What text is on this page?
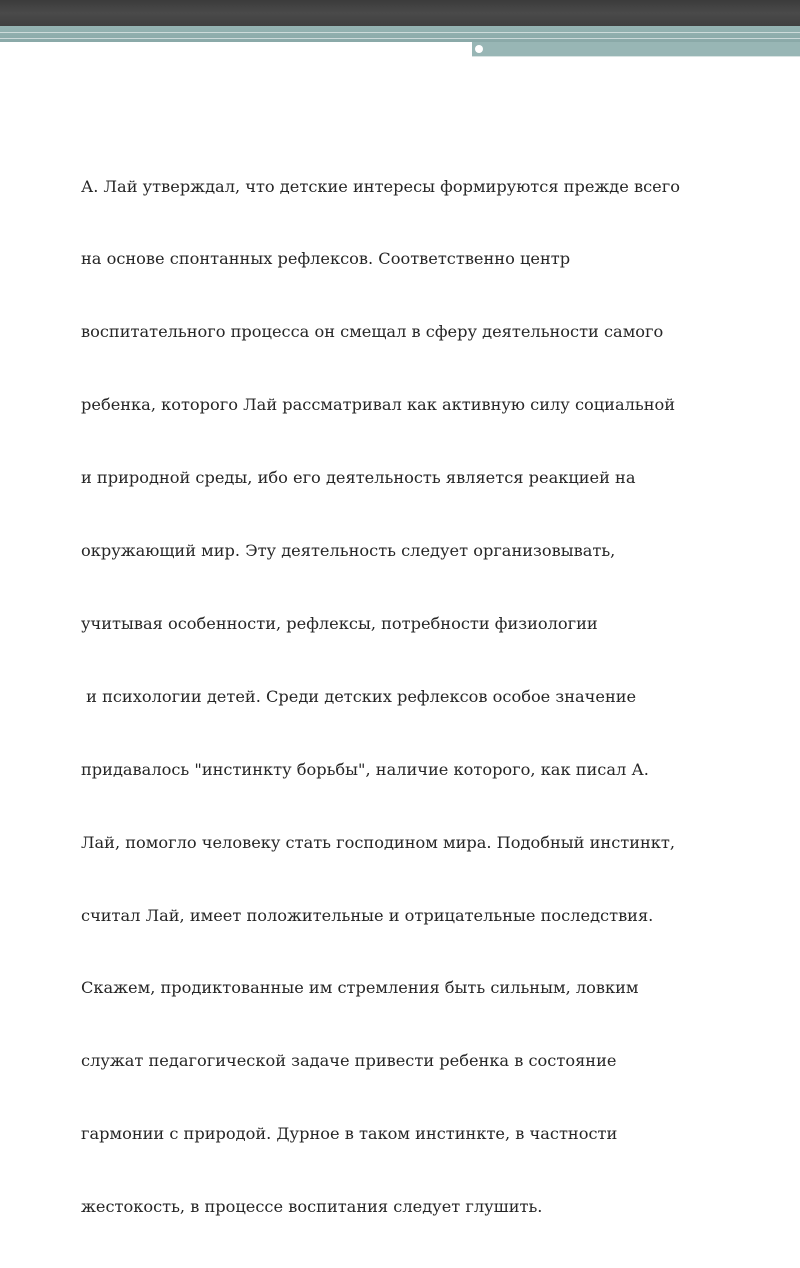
А. Лай утверждал, что детские интересы формируются прежде всего

на основе спонтанных рефлексов. Соответственно центр

воспитательного процесса он смещал в сферу деятельности самого

ребенка, которого Лай рассматривал как активную силу социальной

и природной среды, ибо его деятельность является реакцией на

окружающий мир. Эту деятельность следует организовывать,

учитывая особенности, рефлексы, потребности физиологии

и психологии детей. Среди детских рефлексов особое значение

придавалось "инстинкту борьбы", наличие которого, как писал А.

Лай, помогло человеку стать господином мира. Подобный инстинкт,

считал Лай, имеет положительные и отрицательные последствия.

Скажем, продиктованные им стремления быть сильным, ловким

служат педагогической задаче привести ребенка в состояние

гармонии с природой. Дурное в таком инстинкте, в частности

жестокость, в процессе воспитания следует глушить.
